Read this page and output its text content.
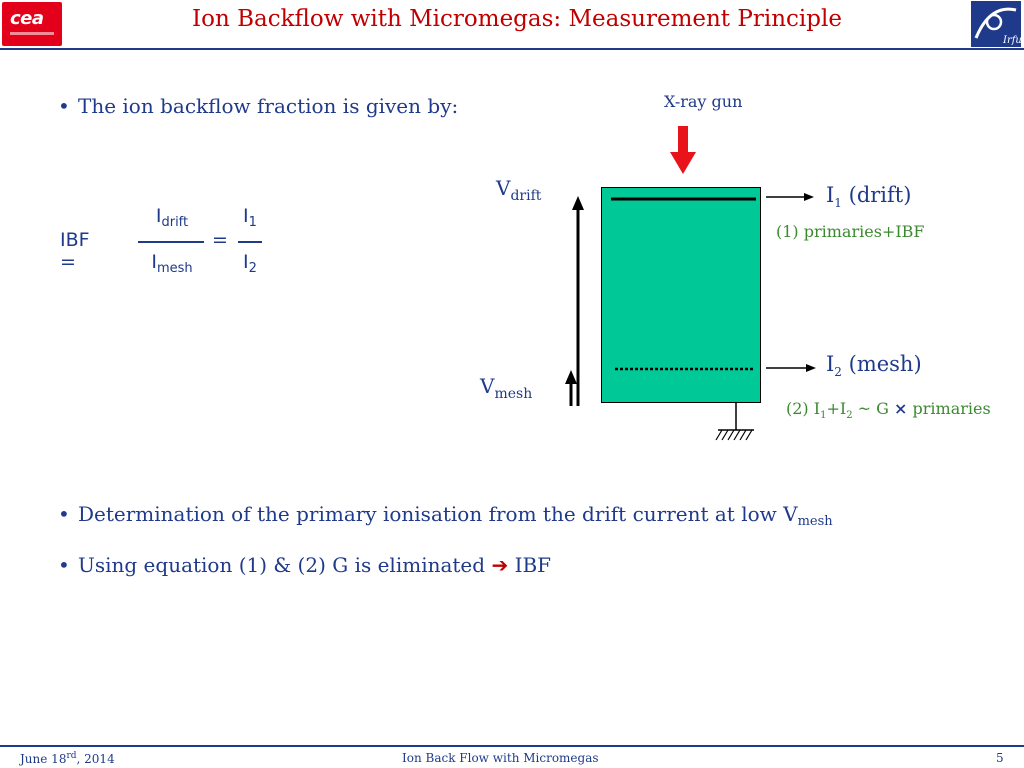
cea	Ion Backflow with Micromegas: Measurement Principle
Irfu
• The ion backflow fraction is given by:
IBF =
$I_{drift}$
$I_{mesh}$
=
$I_1$
$I_2$
X-ray gun
$V_{drift}$
$V_{mesh}$
$I_1$ (drift)
(1) primaries+IBF
$I_2$ (mesh)
(2) $I_1+I_2$ ~ G × primaries
• Determination of the primary ionisation from the drift current at low $V_{mesh}$
• Using equation (1) & (2) G is eliminated ➔ IBF
June 18rd, 2014	Ion Back Flow with Micromegas	5
